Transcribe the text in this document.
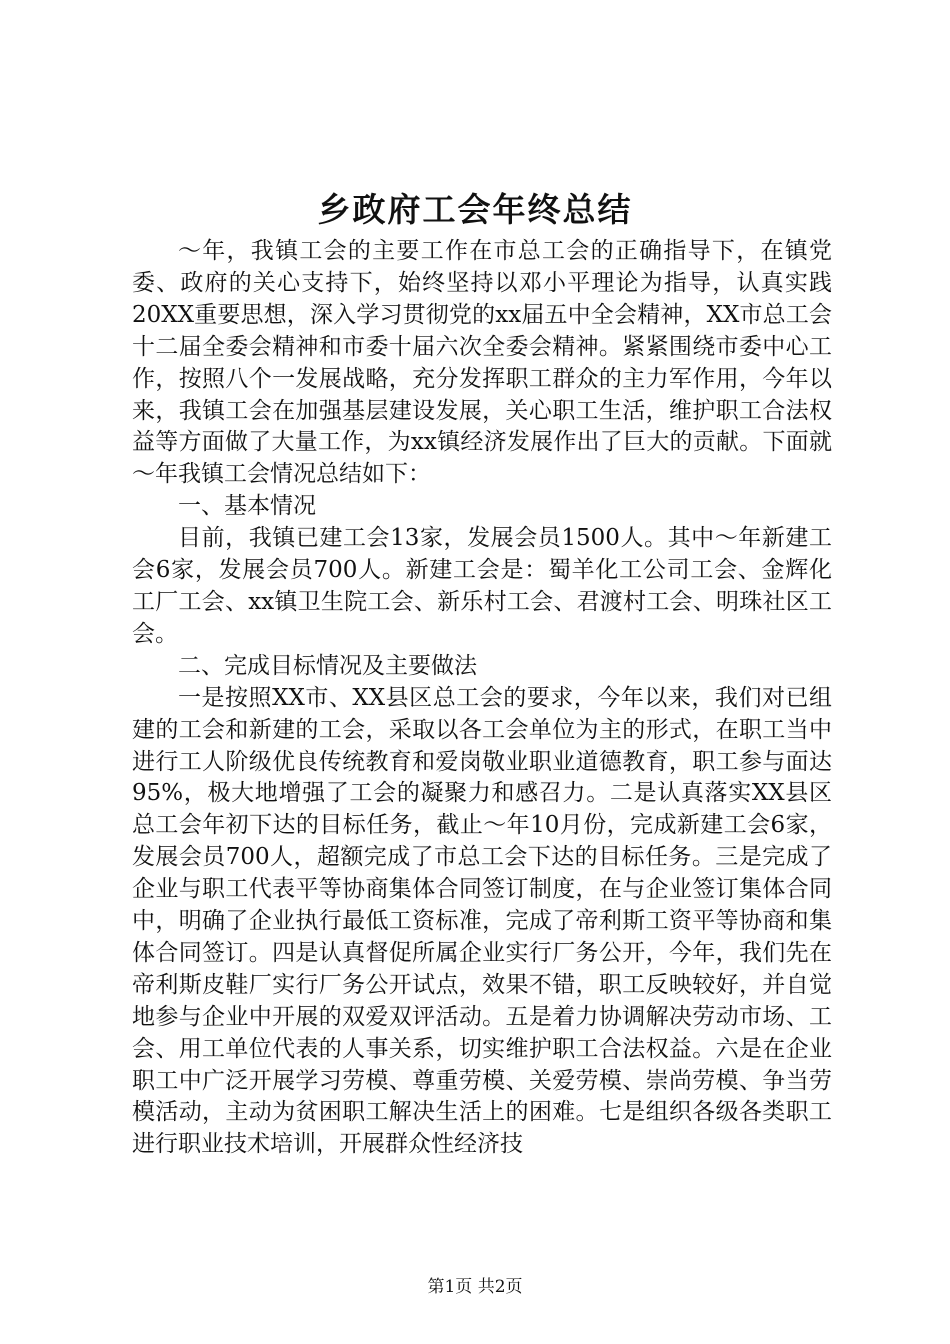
乡政府工会年终总结

～年，我镇工会的主要工作在市总工会的正确指导下，在镇党委、政府的关心支持下，始终坚持以邓小平理论为指导，认真实践20XX重要思想，深入学习贯彻党的xx届五中全会精神，XX市总工会十二届全委会精神和市委十届六次全委会精神。紧紧围绕市委中心工作，按照八个一发展战略，充分发挥职工群众的主力军作用，今年以来，我镇工会在加强基层建设发展，关心职工生活，维护职工合法权益等方面做了大量工作，为xx镇经济发展作出了巨大的贡献。下面就～年我镇工会情况总结如下：

一、基本情况

目前，我镇已建工会13家，发展会员1500人。其中～年新建工会6家，发展会员700人。新建工会是：蜀羊化工公司工会、金辉化工厂工会、xx镇卫生院工会、新乐村工会、君渡村工会、明珠社区工会。

二、完成目标情况及主要做法

一是按照XX市、XX县区总工会的要求，今年以来，我们对已组建的工会和新建的工会，采取以各工会单位为主的形式，在职工当中进行工人阶级优良传统教育和爱岗敬业职业道德教育，职工参与面达95%，极大地增强了工会的凝聚力和感召力。二是认真落实XX县区总工会年初下达的目标任务，截止～年10月份，完成新建工会6家，发展会员700人，超额完成了市总工会下达的目标任务。三是完成了企业与职工代表平等协商集体合同签订制度，在与企业签订集体合同中，明确了企业执行最低工资标准，完成了帝利斯工资平等协商和集体合同签订。四是认真督促所属企业实行厂务公开，今年，我们先在帝利斯皮鞋厂实行厂务公开试点，效果不错，职工反映较好，并自觉地参与企业中开展的双爱双评活动。五是着力协调解决劳动市场、工会、用工单位代表的人事关系，切实维护职工合法权益。六是在企业职工中广泛开展学习劳模、尊重劳模、关爱劳模、崇尚劳模、争当劳模活动，主动为贫困职工解决生活上的困难。七是组织各级各类职工进行职业技术培训，开展群众性经济技

第1页 共2页
